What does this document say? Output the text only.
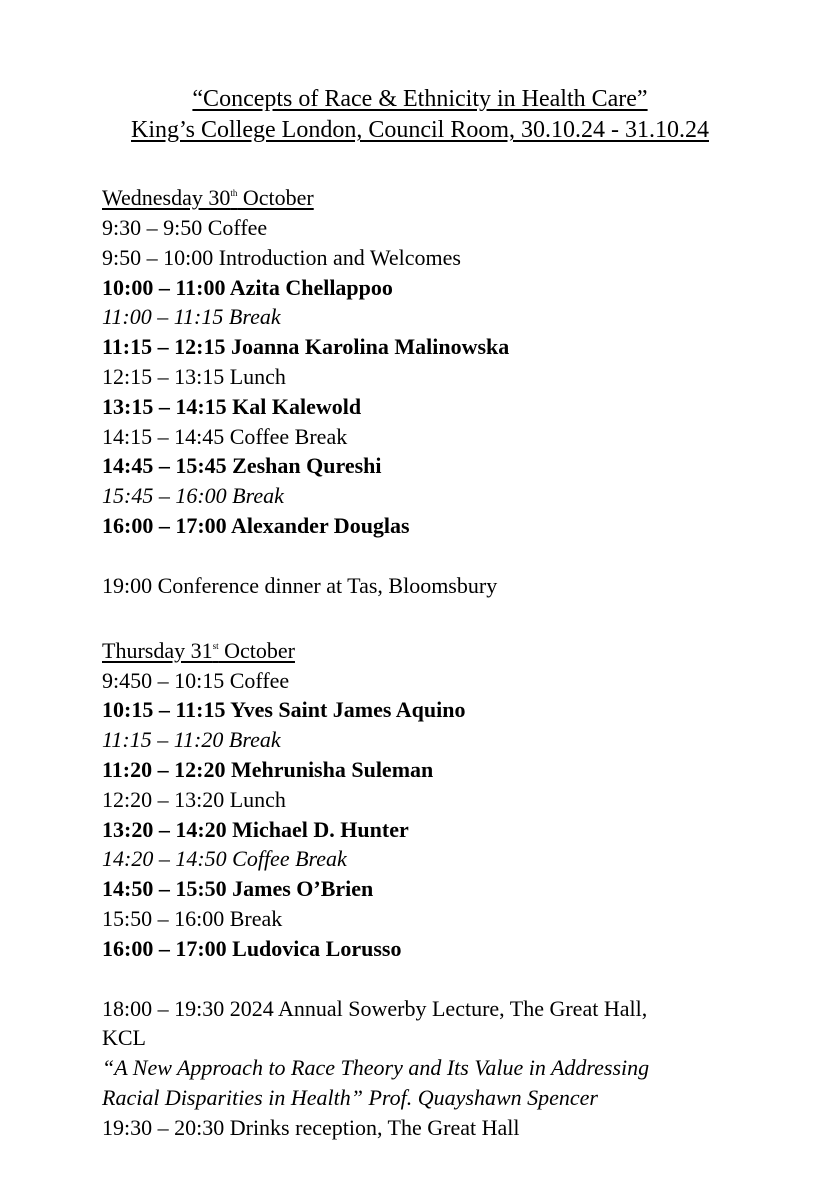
“Concepts of Race & Ethnicity in Health Care”
King’s College London, Council Room, 30.10.24 - 31.10.24
Wednesday 30th October
9:30 – 9:50 Coffee
9:50 – 10:00 Introduction and Welcomes
10:00 – 11:00 Azita Chellappoo
11:00 – 11:15 Break
11:15 – 12:15 Joanna Karolina Malinowska
12:15 – 13:15 Lunch
13:15 – 14:15 Kal Kalewold
14:15 – 14:45 Coffee Break
14:45 – 15:45 Zeshan Qureshi
15:45 – 16:00 Break
16:00 – 17:00 Alexander Douglas
19:00 Conference dinner at Tas, Bloomsbury
Thursday 31st October
9:450 – 10:15 Coffee
10:15 – 11:15 Yves Saint James Aquino
11:15 – 11:20 Break
11:20 – 12:20 Mehrunisha Suleman
12:20 – 13:20 Lunch
13:20 – 14:20 Michael D. Hunter
14:20 – 14:50 Coffee Break
14:50 – 15:50 James O’Brien
15:50 – 16:00 Break
16:00 – 17:00 Ludovica Lorusso
18:00 – 19:30 2024 Annual Sowerby Lecture, The Great Hall,
KCL
“A New Approach to Race Theory and Its Value in Addressing
Racial Disparities in Health” Prof. Quayshawn Spencer
19:30 – 20:30 Drinks reception, The Great Hall
